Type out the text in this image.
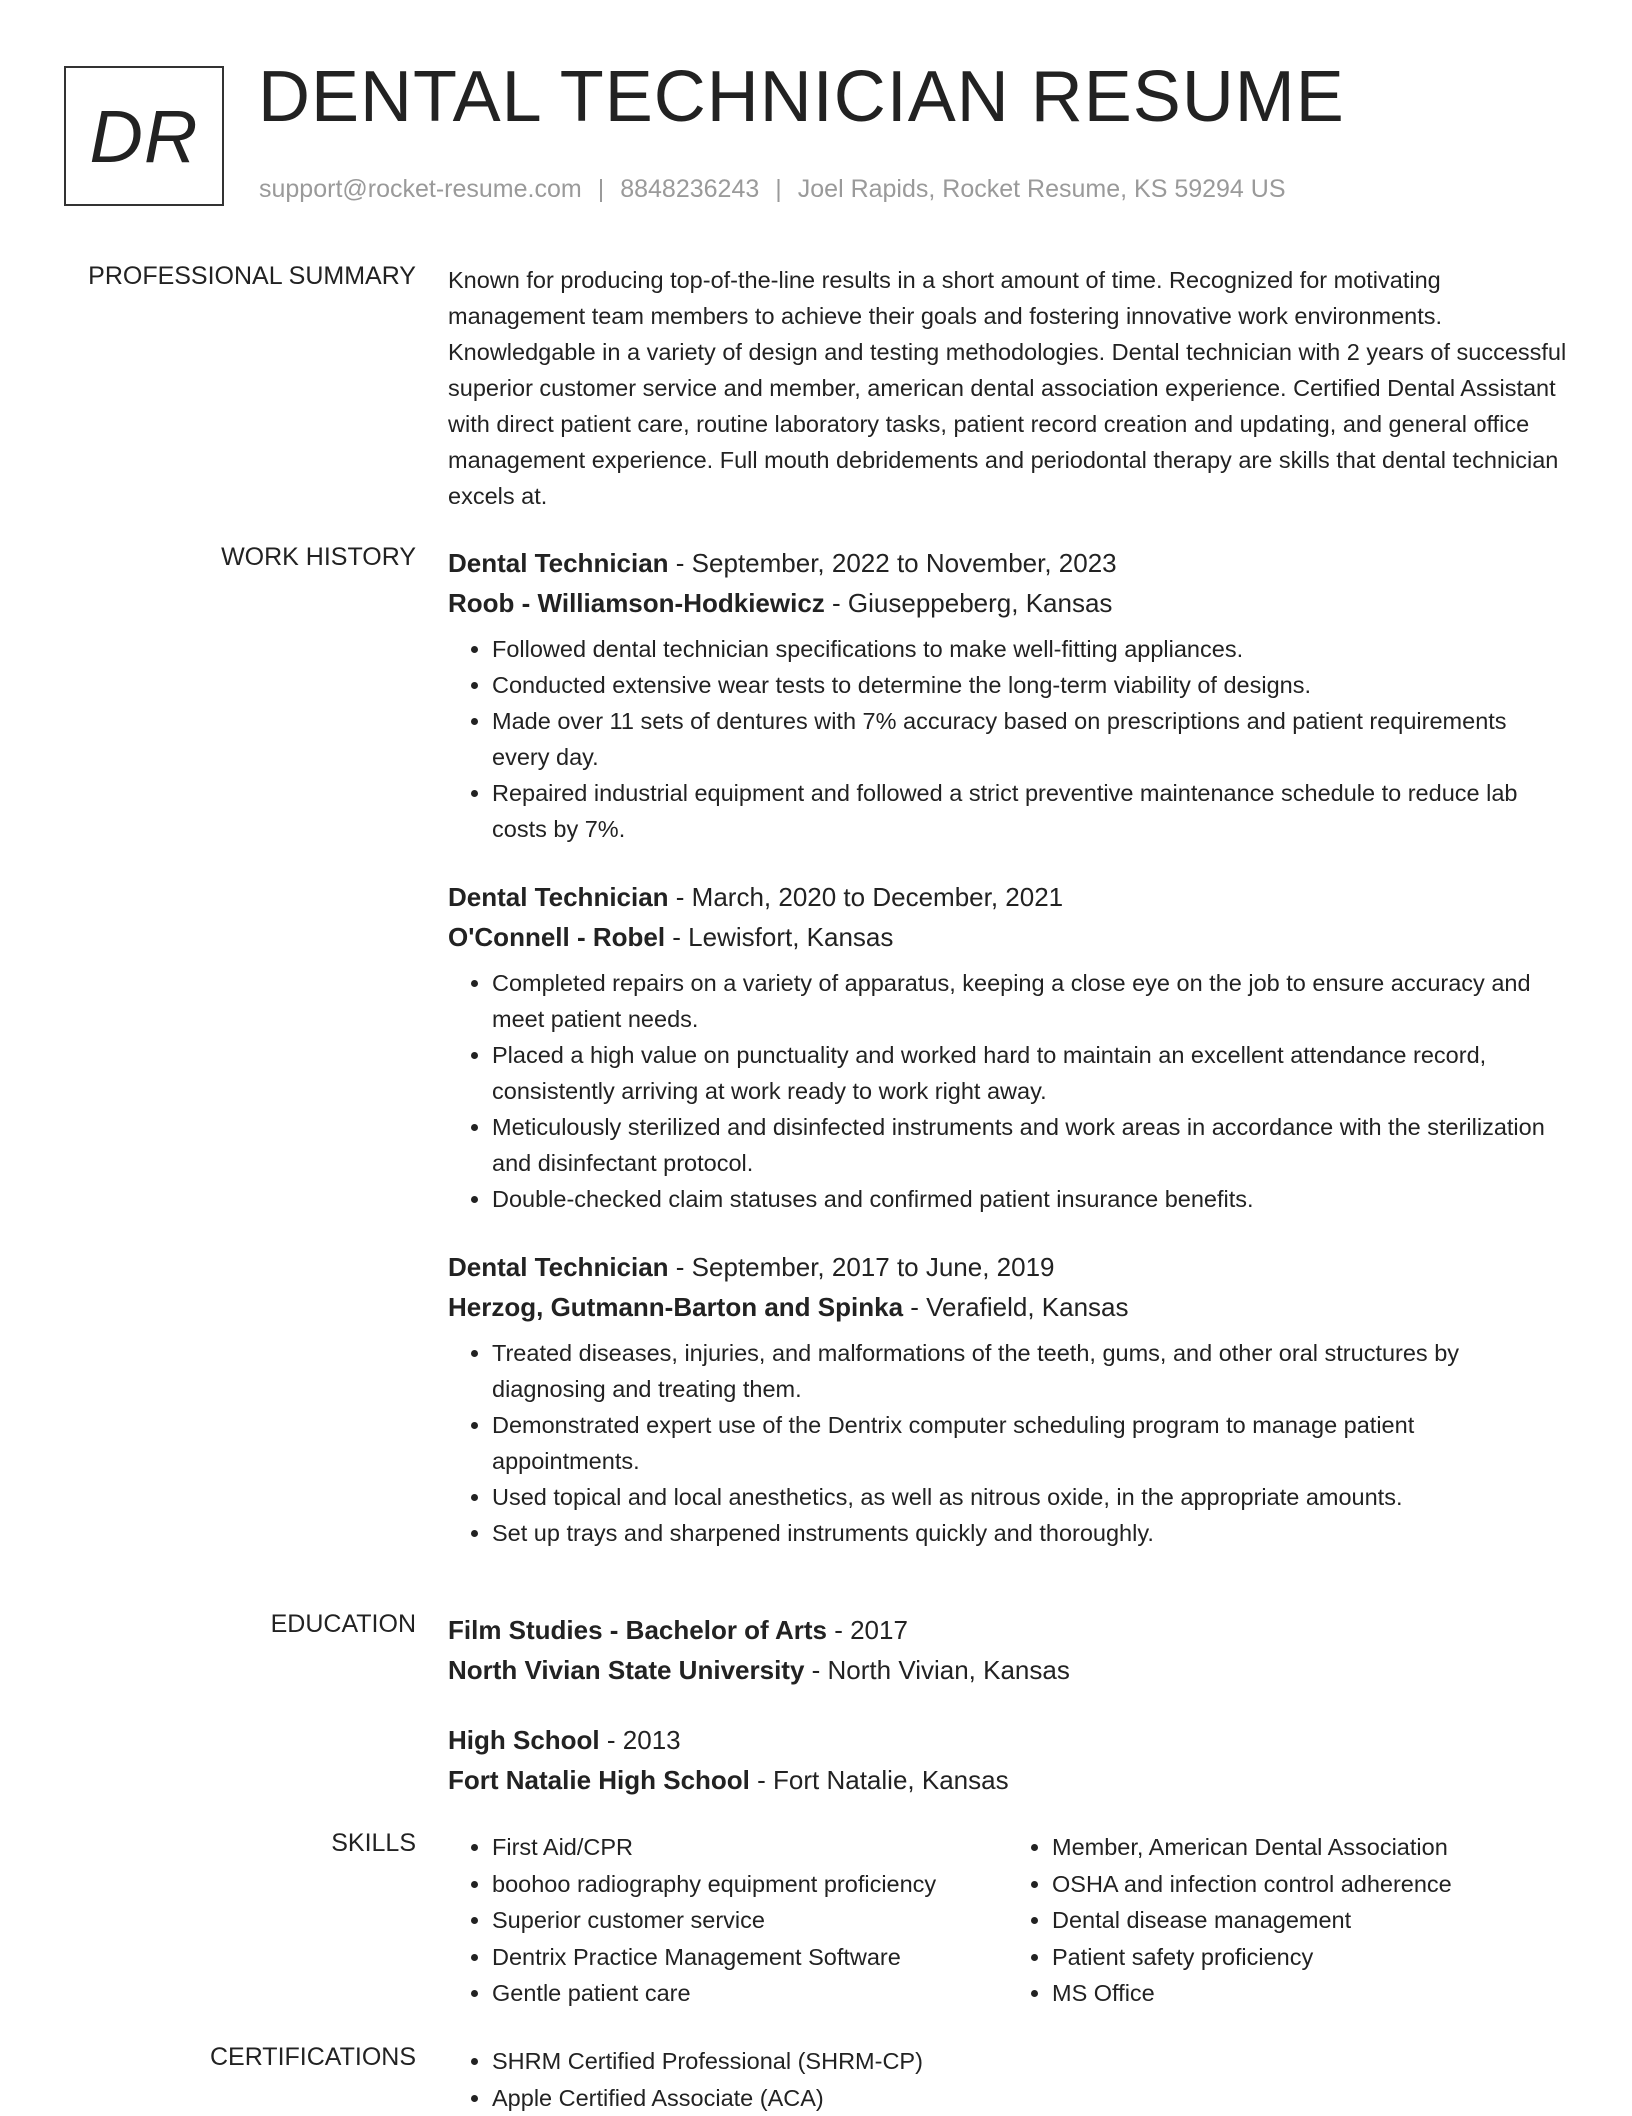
DR DENTAL TECHNICIAN RESUME
support@rocket-resume.com | 8848236243 | Joel Rapids, Rocket Resume, KS 59294 US
PROFESSIONAL SUMMARY Known for producing top-of-the-line results in a short amount of time. Recognized for motivating management team members to achieve their goals and fostering innovative work environments. Knowledgable in a variety of design and testing methodologies. Dental technician with 2 years of successful superior customer service and member, american dental association experience. Certified Dental Assistant with direct patient care, routine laboratory tasks, patient record creation and updating, and general office management experience. Full mouth debridements and periodontal therapy are skills that dental technician excels at.

WORK HISTORY Dental Technician - September, 2022 to November, 2023
Roob - Williamson-Hodkiewicz - Giuseppeberg, Kansas
• Followed dental technician specifications to make well-fitting appliances.
• Conducted extensive wear tests to determine the long-term viability of designs.
• Made over 11 sets of dentures with 7% accuracy based on prescriptions and patient requirements every day.
• Repaired industrial equipment and followed a strict preventive maintenance schedule to reduce lab costs by 7%.
Dental Technician - March, 2020 to December, 2021
O'Connell - Robel - Lewisfort, Kansas
• Completed repairs on a variety of apparatus, keeping a close eye on the job to ensure accuracy and meet patient needs.
• Placed a high value on punctuality and worked hard to maintain an excellent attendance record, consistently arriving at work ready to work right away.
• Meticulously sterilized and disinfected instruments and work areas in accordance with the sterilization and disinfectant protocol.
• Double-checked claim statuses and confirmed patient insurance benefits.
Dental Technician - September, 2017 to June, 2019
Herzog, Gutmann-Barton and Spinka - Verafield, Kansas
• Treated diseases, injuries, and malformations of the teeth, gums, and other oral structures by diagnosing and treating them.
• Demonstrated expert use of the Dentrix computer scheduling program to manage patient appointments.
• Used topical and local anesthetics, as well as nitrous oxide, in the appropriate amounts.
• Set up trays and sharpened instruments quickly and thoroughly.
EDUCATION Film Studies - Bachelor of Arts - 2017
North Vivian State University - North Vivian, Kansas
High School - 2013
Fort Natalie High School - Fort Natalie, Kansas
SKILLS	• First Aid/CPR
• boohoo radiography equipment proficiency
• Superior customer service
• Dentrix Practice Management Software
• Gentle patient care
• Member, American Dental Association
• OSHA and infection control adherence
• Dental disease management
• Patient safety proficiency
• MS Office
CERTIFICATIONS	• SHRM Certified Professional (SHRM-CP)
• Apple Certified Associate (ACA)
